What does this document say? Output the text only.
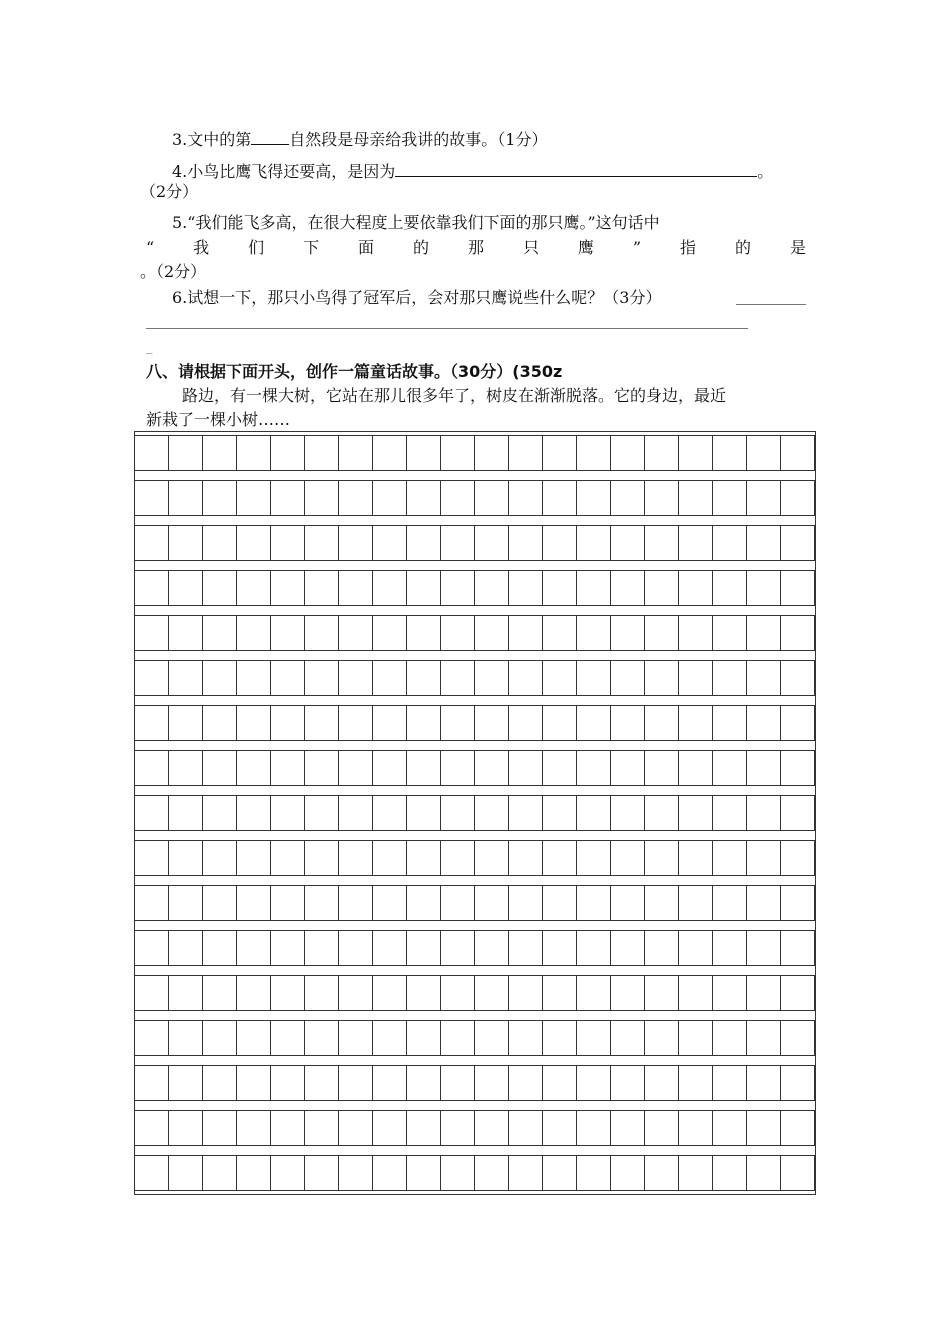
3.文中的第 自然段是母亲给我讲的故事。（1分）
4.小鸟比鹰飞得还要高，是因为	。
（2分）
5.“我们能飞多高，在很大程度上要依靠我们下面的那只鹰。”这句话中
“ 我 们 下 面 的 那 只 鹰 ” 指 的 是
。（2分）
6.试想一下，那只小鸟得了冠军后，会对那只鹰说些什么呢？（3分）
_
八、请根据下面开头，创作一篇童话故事。（30分）(350z
路边，有一棵大树，它站在那儿很多年了，树皮在渐渐脱落。它的身边，最近
新栽了一棵小树……
